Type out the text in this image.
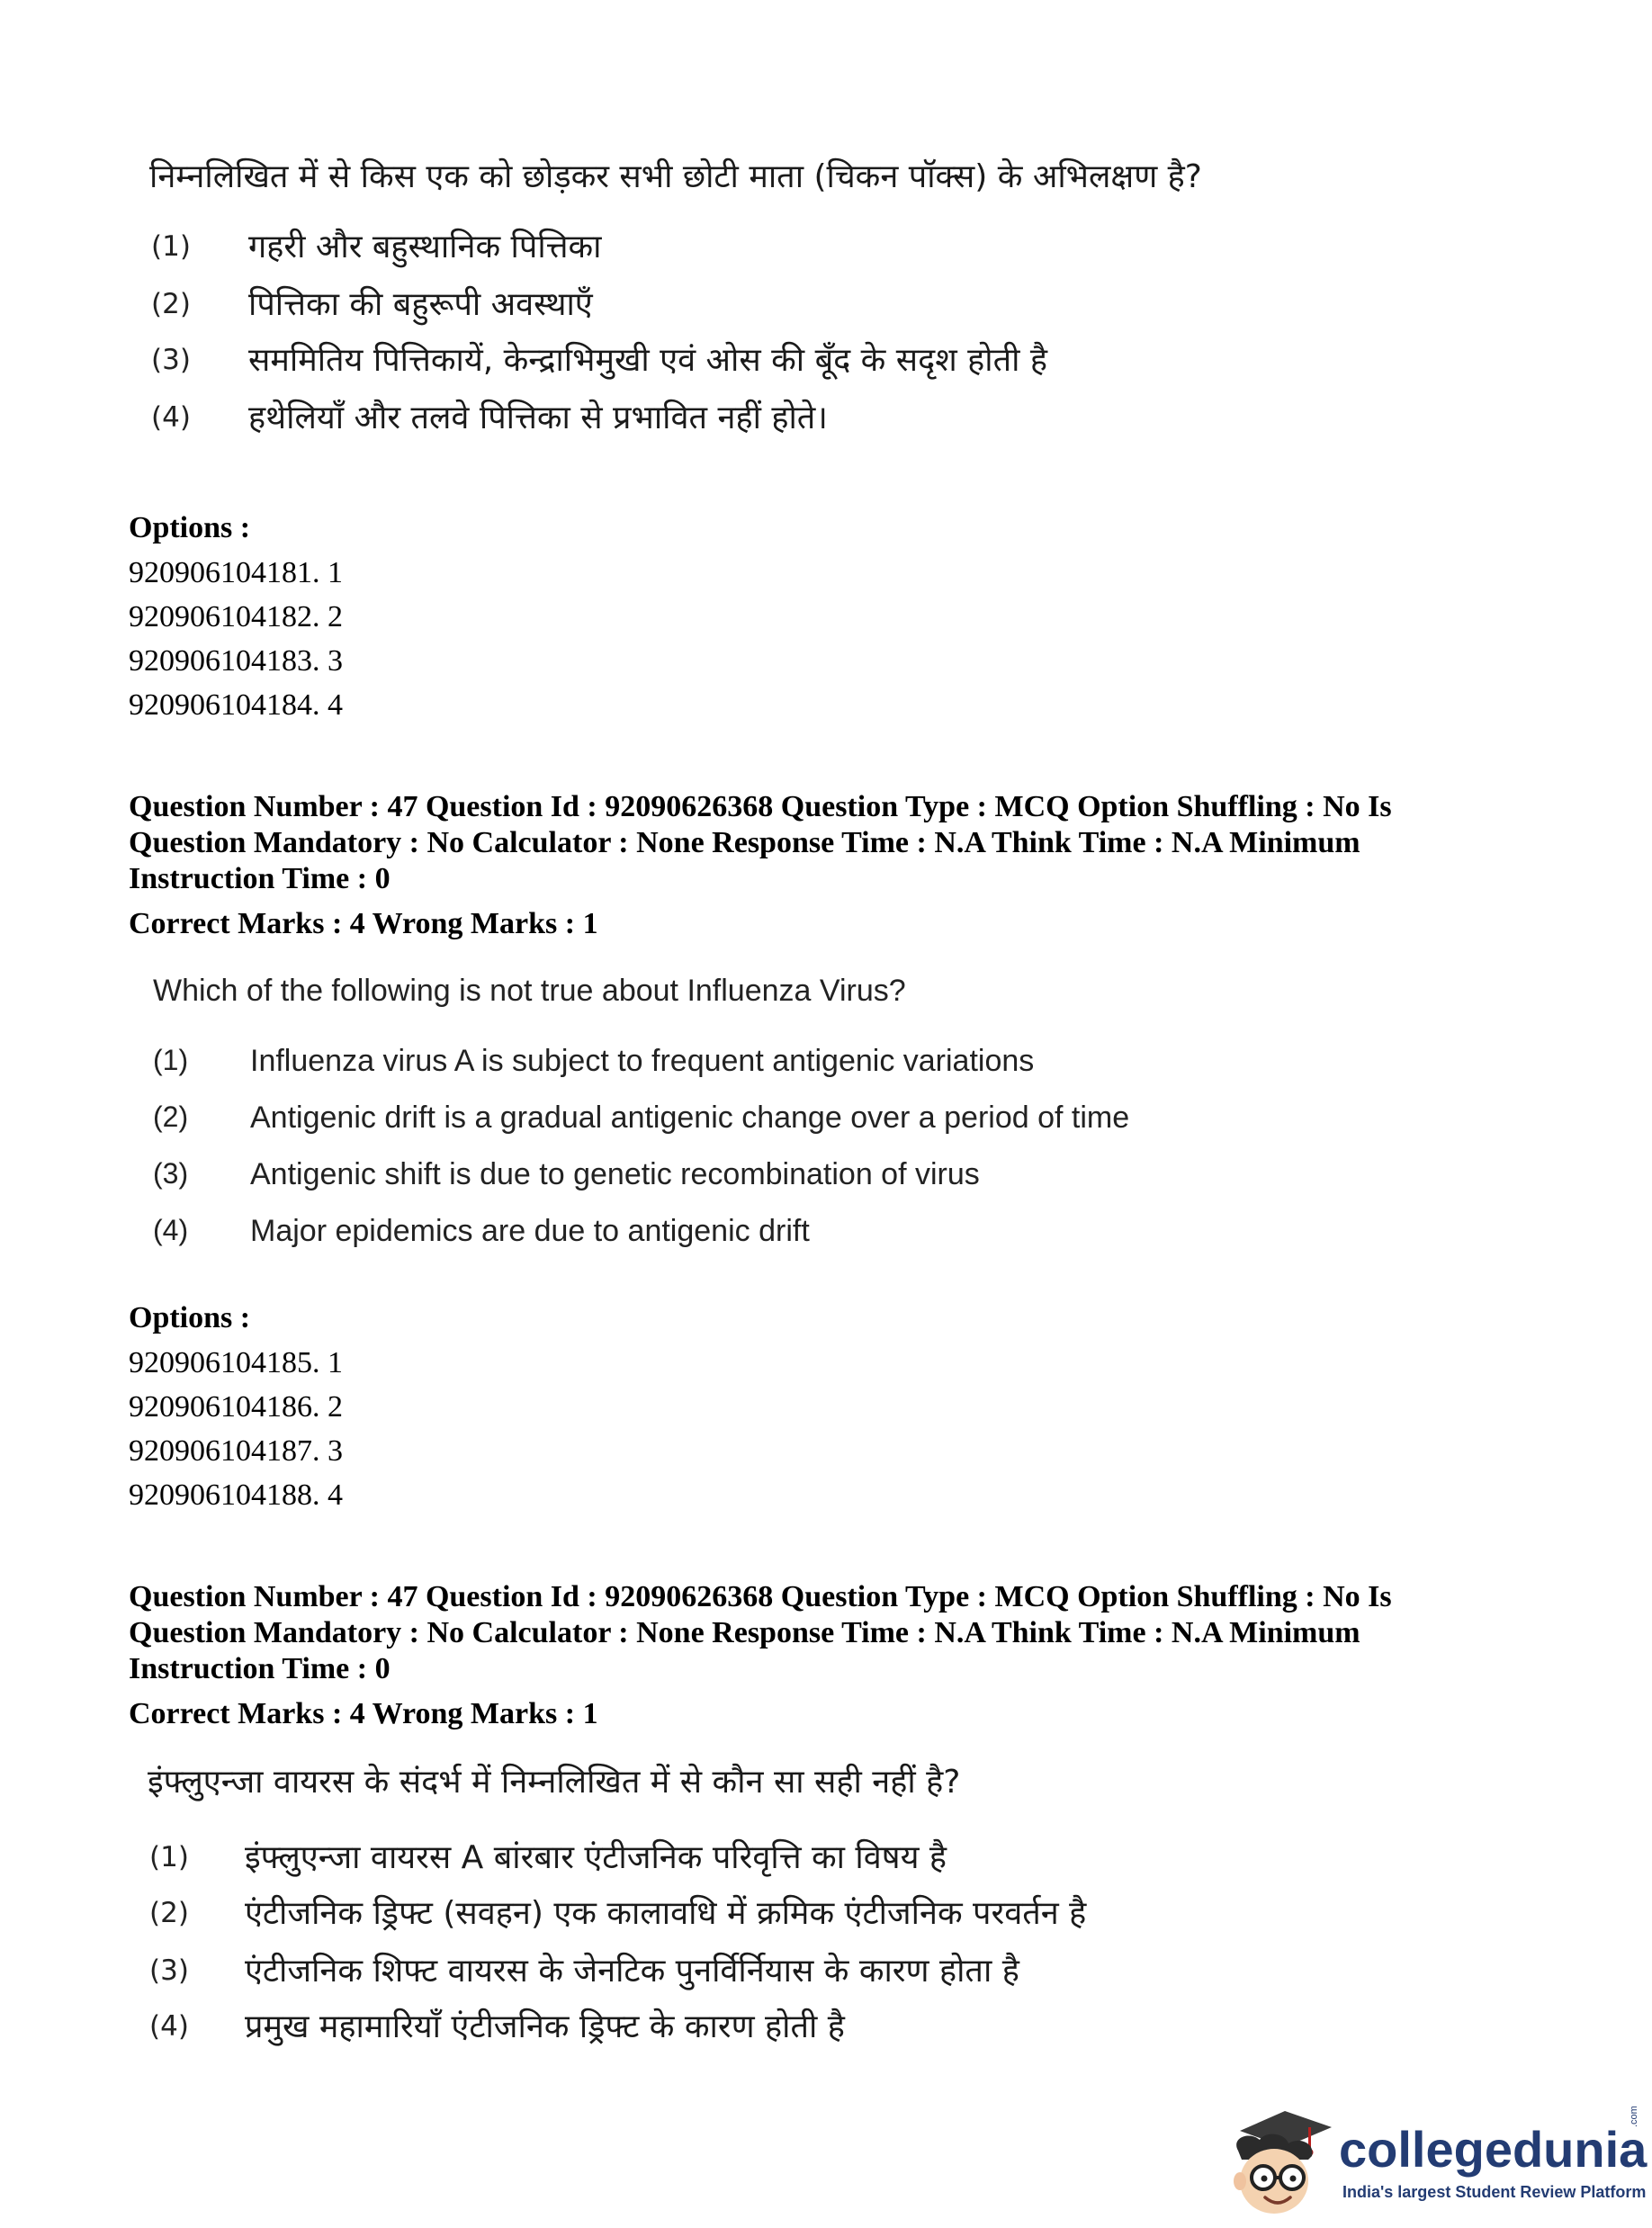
निम्नलिखित में से किस एक को छोड़कर सभी छोटी माता (चिकन पॉक्स) के अभिलक्षण है?
(1) गहरी और बहुस्थानिक पित्तिका
(2) पित्तिका की बहुरूपी अवस्थाएँ
(3) सममितिय पित्तिकायें, केन्द्राभिमुखी एवं ओस की बूँद के सदृश होती है
(4) हथेलियाँ और तलवे पित्तिका से प्रभावित नहीं होते।
Options :
920906104181. 1
920906104182. 2
920906104183. 3
920906104184. 4
Question Number : 47 Question Id : 92090626368 Question Type : MCQ Option Shuffling : No Is
Question Mandatory : No Calculator : None Response Time : N.A Think Time : N.A Minimum
Instruction Time : 0
Correct Marks : 4 Wrong Marks : 1
Which of the following is not true about Influenza Virus?
(1) Influenza virus A is subject to frequent antigenic variations
(2) Antigenic drift is a gradual antigenic change over a period of time
(3) Antigenic shift is due to genetic recombination of virus
(4) Major epidemics are due to antigenic drift
Options :
920906104185. 1
920906104186. 2
920906104187. 3
920906104188. 4
Question Number : 47 Question Id : 92090626368 Question Type : MCQ Option Shuffling : No Is
Question Mandatory : No Calculator : None Response Time : N.A Think Time : N.A Minimum
Instruction Time : 0
Correct Marks : 4 Wrong Marks : 1
इंफ्लुएन्जा वायरस के संदर्भ में निम्नलिखित में से कौन सा सही नहीं है?
(1) इंफ्लुएन्जा वायरस A बांरबार एंटीजनिक परिवृत्ति का विषय है
(2) एंटीजनिक ड्रिफ्ट (सवहन) एक कालावधि में क्रमिक एंटीजनिक परवर्तन है
(3) एंटीजनिक शिफ्ट वायरस के जेनटिक पुनर्विर्नियास के कारण होता है
(4) प्रमुख महामारियाँ एंटीजनिक ड्रिफ्ट के कारण होती है
collegedunia
.com
India's largest Student Review Platform
